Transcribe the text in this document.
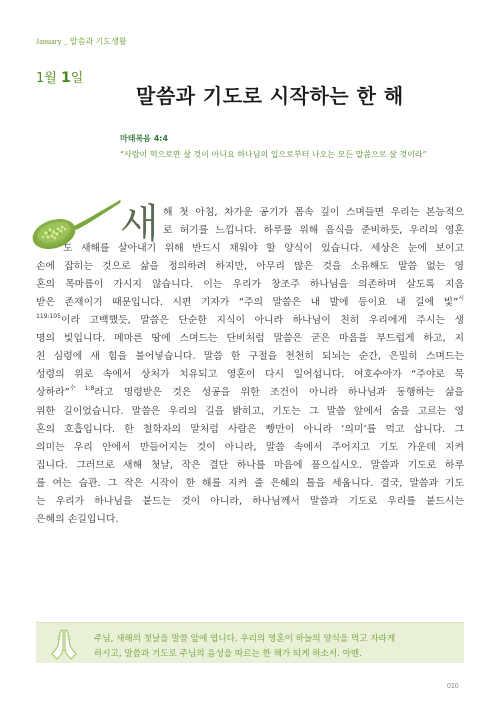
January _ 말씀과 기도생활
1월 1일
말씀과 기도로 시작하는 한 해
마태복음 4:4
“사람이 떡으로만 살 것이 아니요 하나님의 입으로부터 나오는 모든 말씀으로 살 것이라”
새 해 첫 아침, 차가운 공기가 몸속 깊이 스며들면 우리는 본능적으
로 허기를 느낍니다. 하루를 위해 음식을 준비하듯, 우리의 영혼
도 새해를 살아내기 위해 반드시 채워야 할 양식이 있습니다. 세상은 눈에 보이고
손에 잡히는 것으로 삶을 정의하려 하지만, 아무리 많은 것을 소유해도 말씀 없는 영
혼의 목마름이 가시지 않습니다. 이는 우리가 창조주 하나님을 의존하며 살도록 지음
받은 존재이기 때문입니다. 시편 기자가 “주의 말씀은 내 발에 등이요 내 길에 빛”$^시$
$^{119:105}$이라 고백했듯, 말씀은 단순한 지식이 아니라 하나님이 친히 우리에게 주시는 생
명의 빛입니다. 메마른 땅에 스며드는 단비처럼 말씀은 굳은 마음을 부드럽게 하고, 지
친 심령에 새 힘을 불어넣습니다. 말씀 한 구절을 천천히 되뇌는 순간, 은밀히 스며드는
성령의 위로 속에서 상처가 치유되고 영혼이 다시 일어섭니다. 여호수아가 “주야로 묵
상하라”$^{수 1:8}$라고 명령받은 것은 성공을 위한 조건이 아니라 하나님과 동행하는 삶을
위한 길이었습니다. 말씀은 우리의 길을 밝히고, 기도는 그 말씀 앞에서 숨을 고르는 영
혼의 호흡입니다. 한 철학자의 말처럼 사람은 빵만이 아니라 ‘의미’를 먹고 삽니다. 그
의미는 우리 안에서 만들어지는 것이 아니라, 말씀 속에서 주어지고 기도 가운데 지켜
집니다. 그러므로 새해 첫날, 작은 결단 하나를 마음에 품으십시오. 말씀과 기도로 하루
를 여는 습관. 그 작은 시작이 한 해를 지켜 줄 은혜의 틀을 세웁니다. 결국, 말씀과 기도
는 우리가 하나님을 붙드는 것이 아니라, 하나님께서 말씀과 기도로 우리를 붙드시는
은혜의 손길입니다.
주님, 새해의 첫날을 말씀 앞에 엽니다. 우리의 영혼이 하늘의 양식을 먹고 자라게
하시고, 말씀과 기도로 주님의 음성을 따르는 한 해가 되게 하소서. 아멘.
010
